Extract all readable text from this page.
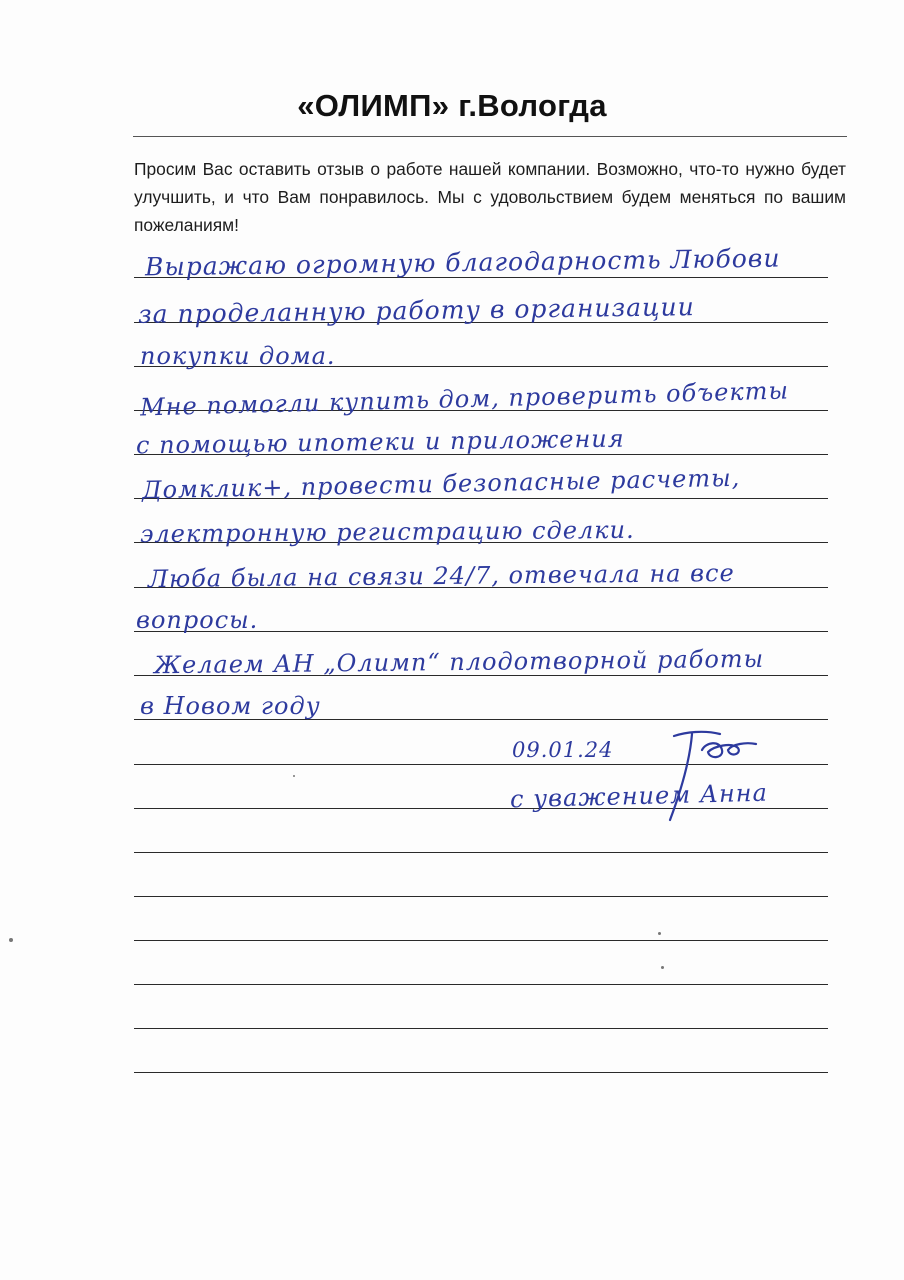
«ОЛИМП» г.Вологда
Просим Вас оставить отзыв о работе нашей компании. Возможно, что-то нужно будет улучшить, и что Вам понравилось. Мы с удовольствием будем меняться по вашим пожеланиям!
Выражаю огромную благодарность Любови
за проделанную работу в организации
покупки дома.
Мне помогли купить дом, проверить объекты
с помощью ипотеки и приложения
Домклик+, провести безопасные расчеты,
электронную регистрацию сделки.
Люба была на связи 24/7, отвечала на все
вопросы.
Желаем АН „Олимп“ плодотворной работы
в Новом году
09.01.24
с уважением Анна
